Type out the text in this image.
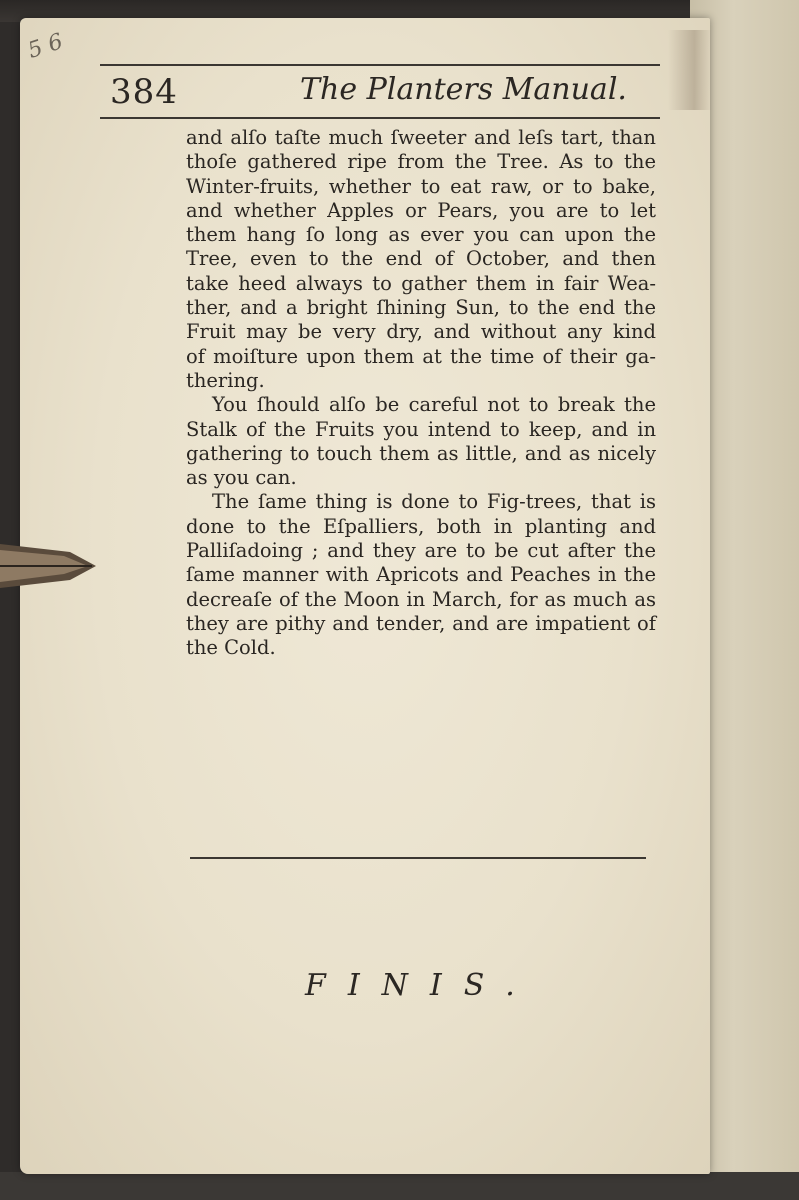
5 6
384	The Planters Manual.
and alſo taſte much ſweeter and leſs tart, than
thoſe gathered ripe from the Tree. As to the
Winter-fruits, whether to eat raw, or to bake,
and whether Apples or Pears, you are to let
them hang ſo long as ever you can upon the
Tree, even to the end of October, and then
take heed always to gather them in fair Wea-
ther, and a bright ſhining Sun, to the end the
Fruit may be very dry, and without any kind
of moiſture upon them at the time of their ga-
thering.
You ſhould alſo be careful not to break the
Stalk of the Fruits you intend to keep, and in
gathering to touch them as little, and as nicely
as you can.
The ſame thing is done to Fig-trees, that is
done to the Eſpalliers, both in planting and
Palliſadoing ; and they are to be cut after the
ſame manner with Apricots and Peaches in the
decreaſe of the Moon in March, for as much as
they are pithy and tender, and are impatient of
the Cold.
FINIS.
